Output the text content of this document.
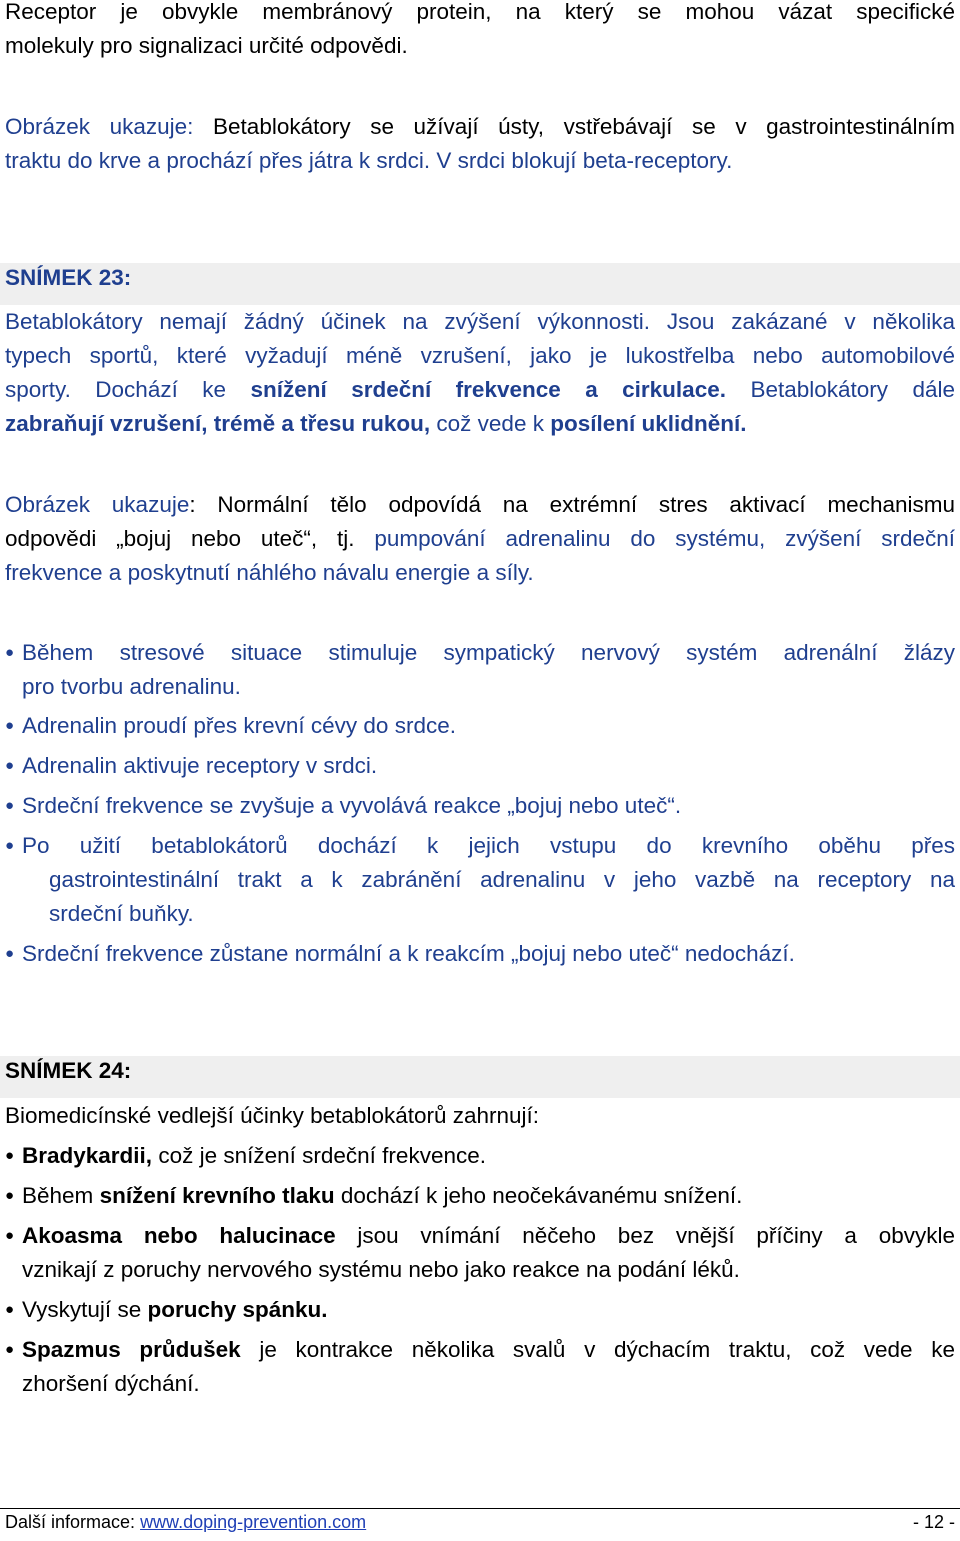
Receptor je obvykle membránový protein, na který se mohou vázat specifické
molekuly pro signalizaci určité odpovědi.
Obrázek ukazuje: Betablokátory se užívají ústy, vstřebávají se v gastrointestinálním
traktu do krve a prochází přes játra k srdci. V srdci blokují beta-receptory.
SNÍMEK 23:
Betablokátory nemají žádný účinek na zvýšení výkonnosti. Jsou zakázané v několika
typech sportů, které vyžadují méně vzrušení, jako je lukostřelba nebo automobilové
sporty. Dochází ke snížení srdeční frekvence a cirkulace. Betablokátory dále
zabraňují vzrušení, trémě a třesu rukou, což vede k posílení uklidnění.
Obrázek ukazuje: Normální tělo odpovídá na extrémní stres aktivací mechanismu
odpovědi „bojuj nebo uteč“, tj. pumpování adrenalinu do systému, zvýšení srdeční
frekvence a poskytnutí náhlého návalu energie a síly.
● Během stresové situace stimuluje sympatický nervový systém adrenální žlázy
pro tvorbu adrenalinu.
● Adrenalin proudí přes krevní cévy do srdce.
● Adrenalin aktivuje receptory v srdci.
● Srdeční frekvence se zvyšuje a vyvolává reakce „bojuj nebo uteč“.
● Po užití betablokátorů dochází k jejich vstupu do krevního oběhu přes
gastrointestinální trakt a k zabránění adrenalinu v jeho vazbě na receptory na
srdeční buňky.
● Srdeční frekvence zůstane normální a k reakcím „bojuj nebo uteč“ nedochází.
SNÍMEK 24:
Biomedicínské vedlejší účinky betablokátorů zahrnují:
● Bradykardii, což je snížení srdeční frekvence.
● Během snížení krevního tlaku dochází k jeho neočekávanému snížení.
● Akoasma nebo halucinace jsou vnímání něčeho bez vnější příčiny a obvykle
vznikají z poruchy nervového systému nebo jako reakce na podání léků.
● Vyskytují se poruchy spánku.
● Spazmus průdušek je kontrakce několika svalů v dýchacím traktu, což vede ke
zhoršení dýchání.
Další informace: www.doping-prevention.com	- 12 -
